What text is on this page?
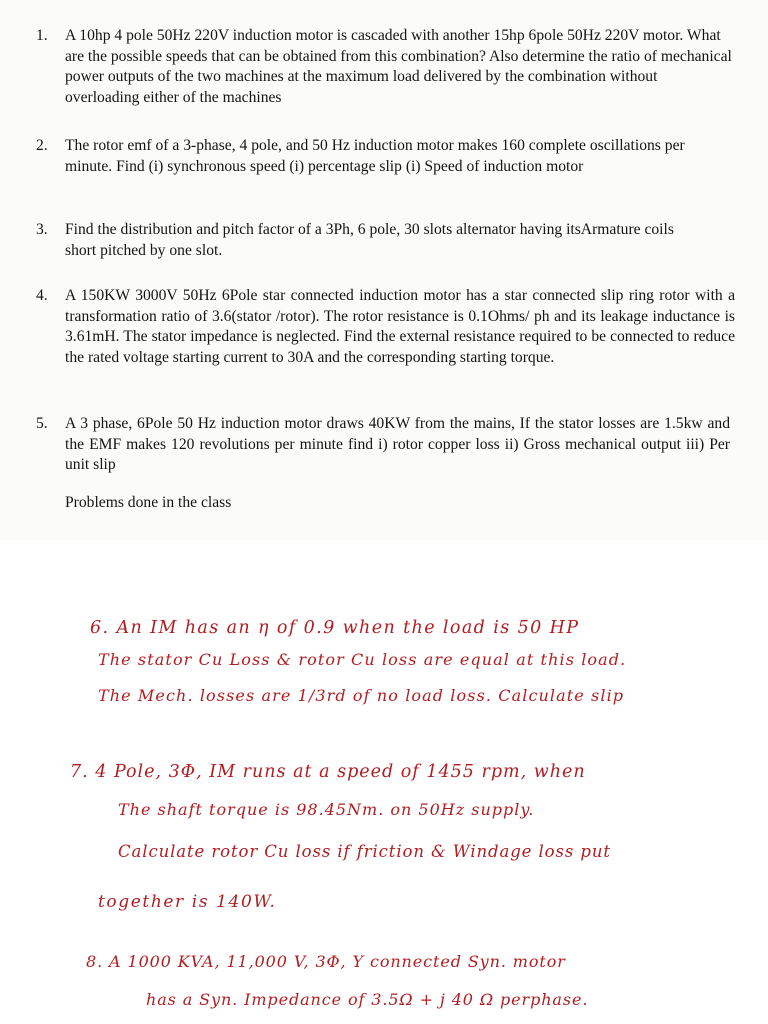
1. A 10hp 4 pole 50Hz 220V induction motor is cascaded with another 15hp 6pole 50Hz 220V motor. What are the possible speeds that can be obtained from this combination? Also determine the ratio of mechanical power outputs of the two machines at the maximum load delivered by the combination without overloading either of the machines

2. The rotor emf of a 3-phase, 4 pole, and 50 Hz induction motor makes 160 complete oscillations per minute. Find (i) synchronous speed (i) percentage slip (i) Speed of induction motor

3. Find the distribution and pitch factor of a 3Ph, 6 pole, 30 slots alternator having itsArmature coils short pitched by one slot.

4. A 150KW 3000V 50Hz 6Pole star connected induction motor has a star connected slip ring rotor with a transformation ratio of 3.6(stator /rotor). The rotor resistance is 0.1Ohms/ ph and its leakage inductance is 3.61mH. The stator impedance is neglected. Find the external resistance required to be connected to reduce the rated voltage starting current to 30A and the corresponding starting torque.

5. A 3 phase, 6Pole 50 Hz induction motor draws 40KW from the mains, If the stator losses are 1.5kw and the EMF makes 120 revolutions per minute find i) rotor copper loss ii) Gross mechanical output iii) Per unit slip

Problems done in the class

6. An IM has an η of 0.9 when the load is 50 HP
The stator Cu Loss & rotor Cu loss are equal at this load.
The Mech. losses are 1/3rd of no load loss. Calculate slip
7. 4 Pole, 3Φ, IM runs at a speed of 1455 rpm, when
The shaft torque is 98.45Nm. on 50Hz supply.
Calculate rotor Cu loss if friction & Windage loss put
together is 140W.
8. A 1000 KVA, 11,000 V, 3Φ, Y connected Syn. motor
has a Syn. Impedance of 3.5Ω + j 40 Ω perphase.
